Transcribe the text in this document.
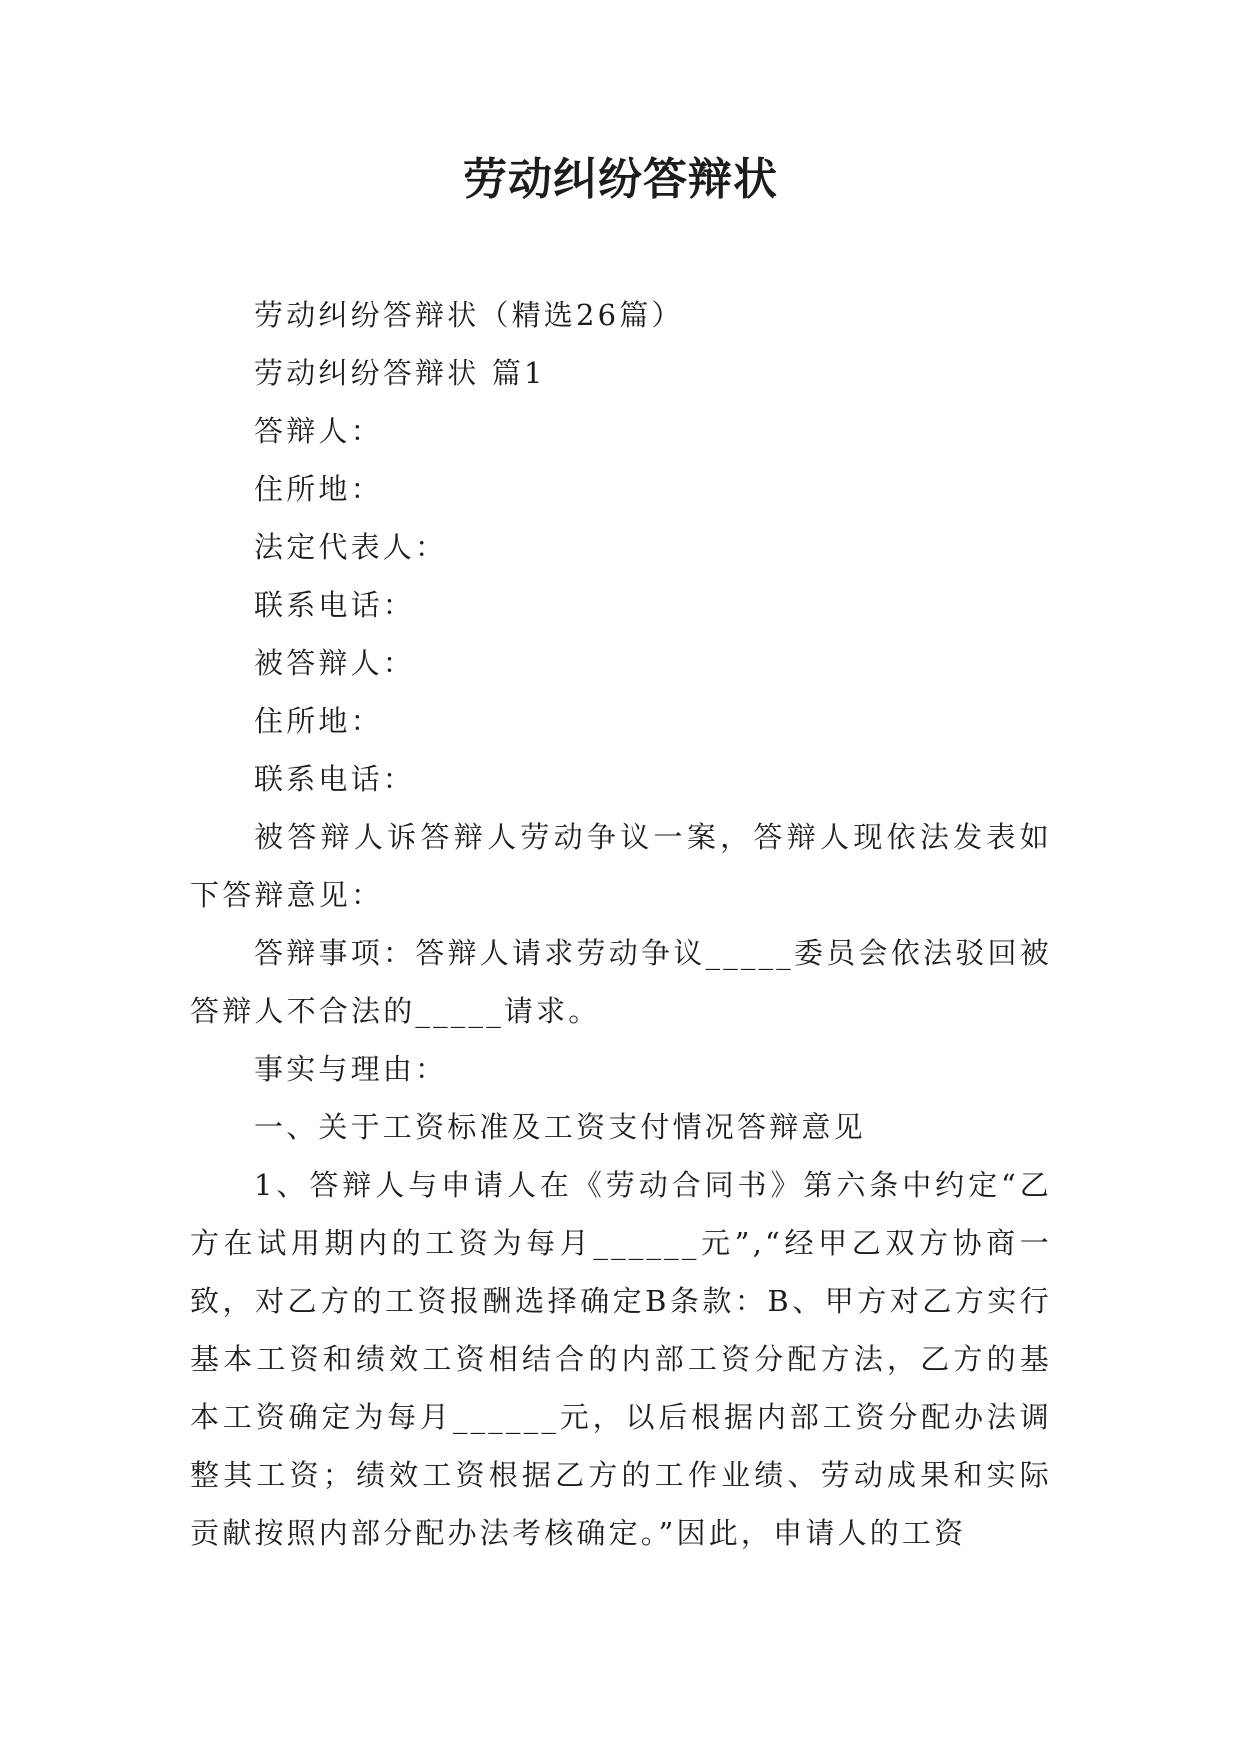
劳动纠纷答辩状

劳动纠纷答辩状（精选26篇）

劳动纠纷答辩状 篇1

答辩人：

住所地：

法定代表人：

联系电话：

被答辩人：

住所地：

联系电话：

被答辩人诉答辩人劳动争议一案，答辩人现依法发表如下答辩意见：

答辩事项：答辩人请求劳动争议_____委员会依法驳回被答辩人不合法的_____请求。

事实与理由：

一、关于工资标准及工资支付情况答辩意见

1、答辩人与申请人在《劳动合同书》第六条中约定“乙方在试用期内的工资为每月______元”,“经甲乙双方协商一致，对乙方的工资报酬选择确定B条款：B、甲方对乙方实行基本工资和绩效工资相结合的内部工资分配方法，乙方的基本工资确定为每月______元，以后根据内部工资分配办法调整其工资；绩效工资根据乙方的工作业绩、劳动成果和实际贡献按照内部分配办法考核确定。”因此，申请人的工资
